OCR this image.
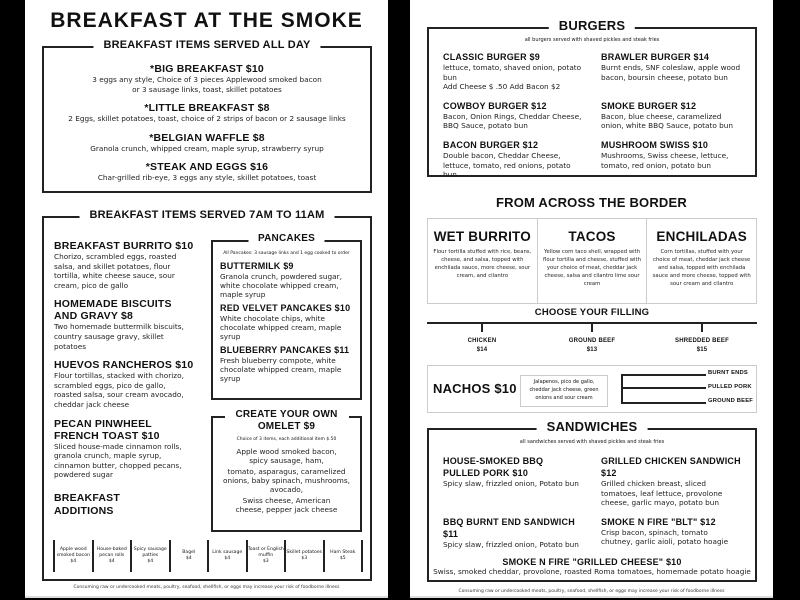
BREAKFAST AT THE SMOKE
BREAKFAST ITEMS SERVED ALL DAY
*BIG BREAKFAST $10
3 eggs any style, Choice of 3 pieces Applewood smoked bacon or 3 sausage links, toast, skillet potatoes
*LITTLE BREAKFAST $8
2 Eggs, skillet potatoes, toast, choice of 2 strips of bacon or 2 sausage links
*BELGIAN WAFFLE $8
Granola crunch, whipped cream, maple syrup, strawberry syrup
*STEAK AND EGGS $16
Char-grilled rib-eye, 3 eggs any style, skillet potatoes, toast
BREAKFAST ITEMS SERVED 7AM TO 11AM
BREAKFAST BURRITO $10
Chorizo, scrambled eggs, roasted salsa, and skillet potatoes, flour tortilla, white cheese sauce, sour cream, pico de gallo
HOMEMADE BISCUITS AND GRAVY $8
Two homemade buttermilk biscuits, country sausage gravy, skillet potatoes
HUEVOS RANCHEROS $10
Flour tortillas, stacked with chorizo, scrambled eggs, pico de gallo, roasted salsa, sour cream avocado, cheddar jack cheese
PECAN PINWHEEL FRENCH TOAST $10
Sliced house-made cinnamon rolls, granola crunch, maple syrup, cinnamon butter, chopped pecans, powdered sugar
BREAKFAST ADDITIONS
PANCAKES
All Pancakes: 3 sausage links and 1 egg cooked to order
BUTTERMILK $9
Granola crunch, powdered sugar, white chocolate whipped cream, maple syrup
RED VELVET PANCAKES $10
White chocolate chips, white chocolate whipped cream, maple syrup
BLUEBERRY PANCAKES $11
Fresh blueberry compote, white chocolate whipped cream, maple syrup
CREATE YOUR OWN OMELET $9
Choice of 3 items, each additional item $.50
Apple wood smoked bacon, spicy sausage, ham,
tomato, asparagus, caramelized onions, baby spinach, mushrooms, avocado,
Swiss cheese, American cheese, pepper jack cheese
Apple wood smoked bacon
$4
House-baked pecan rolls
$4
Spicy sausage patties
$4
Bagel
$4
Link sausage
$4
Toast or English muffin
$3
Skillet potatoes
$3
Ham Steak
$5
Consuming raw or undercooked meats, poultry, seafood, shellfish, or eggs may increase your risk of foodborne illness
BURGERS
all burgers served with shaved pickles and steak fries
CLASSIC BURGER $9
lettuce, tomato, shaved onion, potato bun
Add Cheese $ .50 Add Bacon $2
BRAWLER BURGER $14
Burnt ends, SNF coleslaw, apple wood bacon, boursin cheese, potato bun
COWBOY BURGER $12
Bacon, Onion Rings, Cheddar Cheese, BBQ Sauce, potato bun
SMOKE BURGER $12
Bacon, blue cheese, caramelized onion, white BBQ Sauce, potato bun
BACON BURGER $12
Double bacon, Cheddar Cheese, lettuce, tomato, red onions, potato bun
MUSHROOM SWISS $10
Mushrooms, Swiss cheese, lettuce, tomato, red onion, potato bun
FROM ACROSS THE BORDER
WET BURRITO
Flour tortilla stuffed with rice, beans, cheese, and salsa, topped with enchilada sauce, more cheese, sour cream, and cilantro
TACOS
Yellow corn taco shell, wrapped with flour tortilla and cheese, stuffed with your choice of meat, cheddar jack cheese, salsa and cilantro lime sour cream
ENCHILADAS
Corn tortillas, stuffed with your choice of meat, cheddar jack cheese and salsa, topped with enchilada sauce and more cheese, topped with sour cream and cilantro
CHOOSE YOUR FILLING
CHICKEN
$14
GROUND BEEF
$13
SHREDDED BEEF
$15
NACHOS $10	Jalapenos, pico de gallo, cheddar jack cheese, green onions and sour cream
BURNT ENDS
PULLED PORK
GROUND BEEF
SANDWICHES
all sandwiches served with shaved pickles and steak fries
HOUSE-SMOKED BBQ PULLED PORK $10
Spicy slaw, frizzled onion, Potato bun
GRILLED CHICKEN SANDWICH $12
Grilled chicken breast, sliced tomatoes, leaf lettuce, provolone cheese, garlic mayo, potato bun
BBQ BURNT END SANDWICH $11
Spicy slaw, frizzled onion, Potato bun
SMOKE N FIRE "BLT" $12
Crisp bacon, spinach, tomato chutney, garlic aioli, potato hoagie
SMOKE N FIRE "GRILLED CHEESE" $10
Swiss, smoked cheddar, provolone, roasted Roma tomatoes, homemade potato hoagie
Consuming raw or undercooked meats, poultry, seafood, shellfish, or eggs may increase your risk of foodborne illness
